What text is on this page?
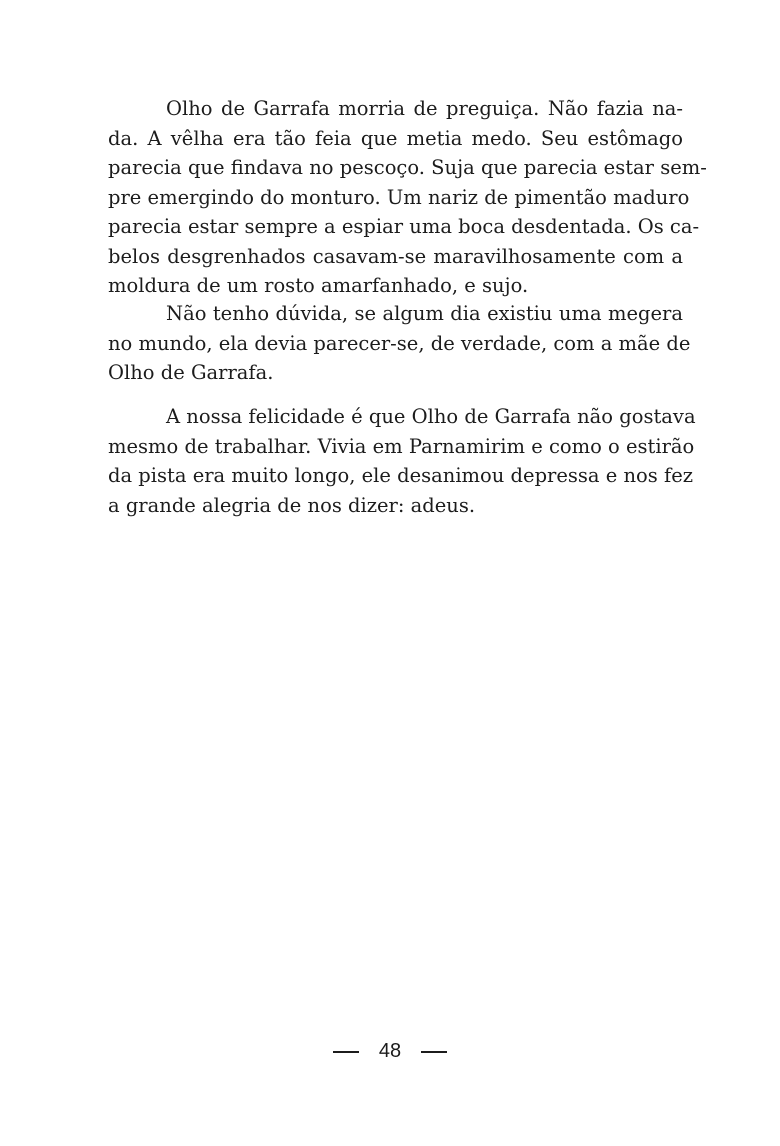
Olho de Garrafa morria de preguiça. Não fazia na-
da. A vêlha era tão feia que metia medo. Seu estômago
parecia que findava no pescoço. Suja que parecia estar sem-
pre emergindo do monturo. Um nariz de pimentão maduro
parecia estar sempre a espiar uma boca desdentada. Os ca-
belos desgrenhados casavam-se maravilhosamente com a
moldura de um rosto amarfanhado, e sujo.
Não tenho dúvida, se algum dia existiu uma megera
no mundo, ela devia parecer-se, de verdade, com a mãe de
Olho de Garrafa.
A nossa felicidade é que Olho de Garrafa não gostava
mesmo de trabalhar. Vivia em Parnamirim e como o estirão
da pista era muito longo, ele desanimou depressa e nos fez
a grande alegria de nos dizer: adeus.
48
